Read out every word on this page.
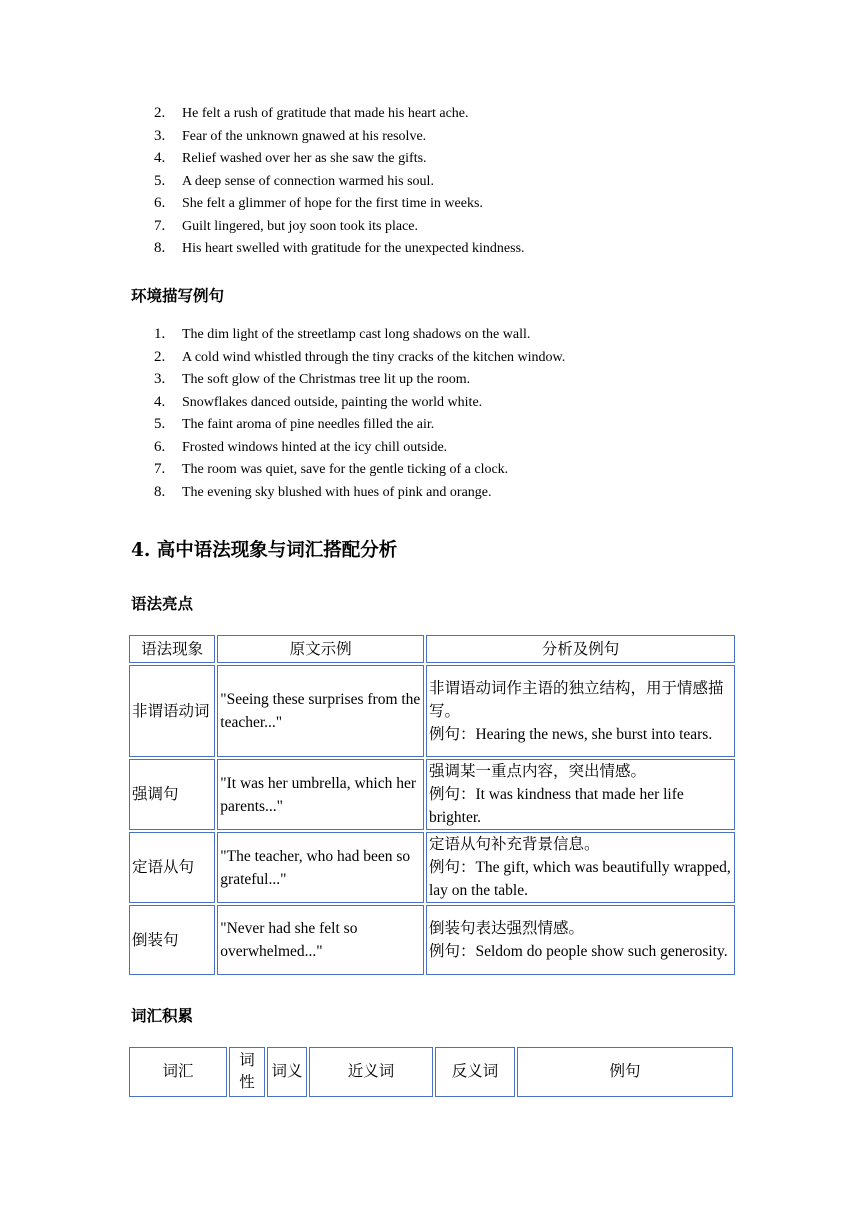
2.	He felt a rush of gratitude that made his heart ache.
3.	Fear of the unknown gnawed at his resolve.
4.	Relief washed over her as she saw the gifts.
5.	A deep sense of connection warmed his soul.
6.	She felt a glimmer of hope for the first time in weeks.
7.	Guilt lingered, but joy soon took its place.
8.	His heart swelled with gratitude for the unexpected kindness.
环境描写例句
1.	The dim light of the streetlamp cast long shadows on the wall.
2.	A cold wind whistled through the tiny cracks of the kitchen window.
3.	The soft glow of the Christmas tree lit up the room.
4.	Snowflakes danced outside, painting the world white.
5.	The faint aroma of pine needles filled the air.
6.	Frosted windows hinted at the icy chill outside.
7.	The room was quiet, save for the gentle ticking of a clock.
8.	The evening sky blushed with hues of pink and orange.
4. 高中语法现象与词汇搭配分析
语法亮点
语法现象	原文示例	分析及例句
非谓语动词	"Seeing these surprises from the teacher..."	非谓语动词作主语的独立结构，用于情感描写。
例句：Hearing the news, she burst into tears.

强调句	"It was her umbrella, which her parents..."	强调某一重点内容，突出情感。
例句：It was kindness that made her life brighter.

定语从句	"The teacher, who had been so grateful..."	定语从句补充背景信息。
例句：The gift, which was beautifully wrapped, lay on the table.

倒装句	"Never had she felt so overwhelmed..."	倒装句表达强烈情感。
例句：Seldom do people show such generosity.
词汇积累
词汇	词性	词义	近义词	反义词	例句
